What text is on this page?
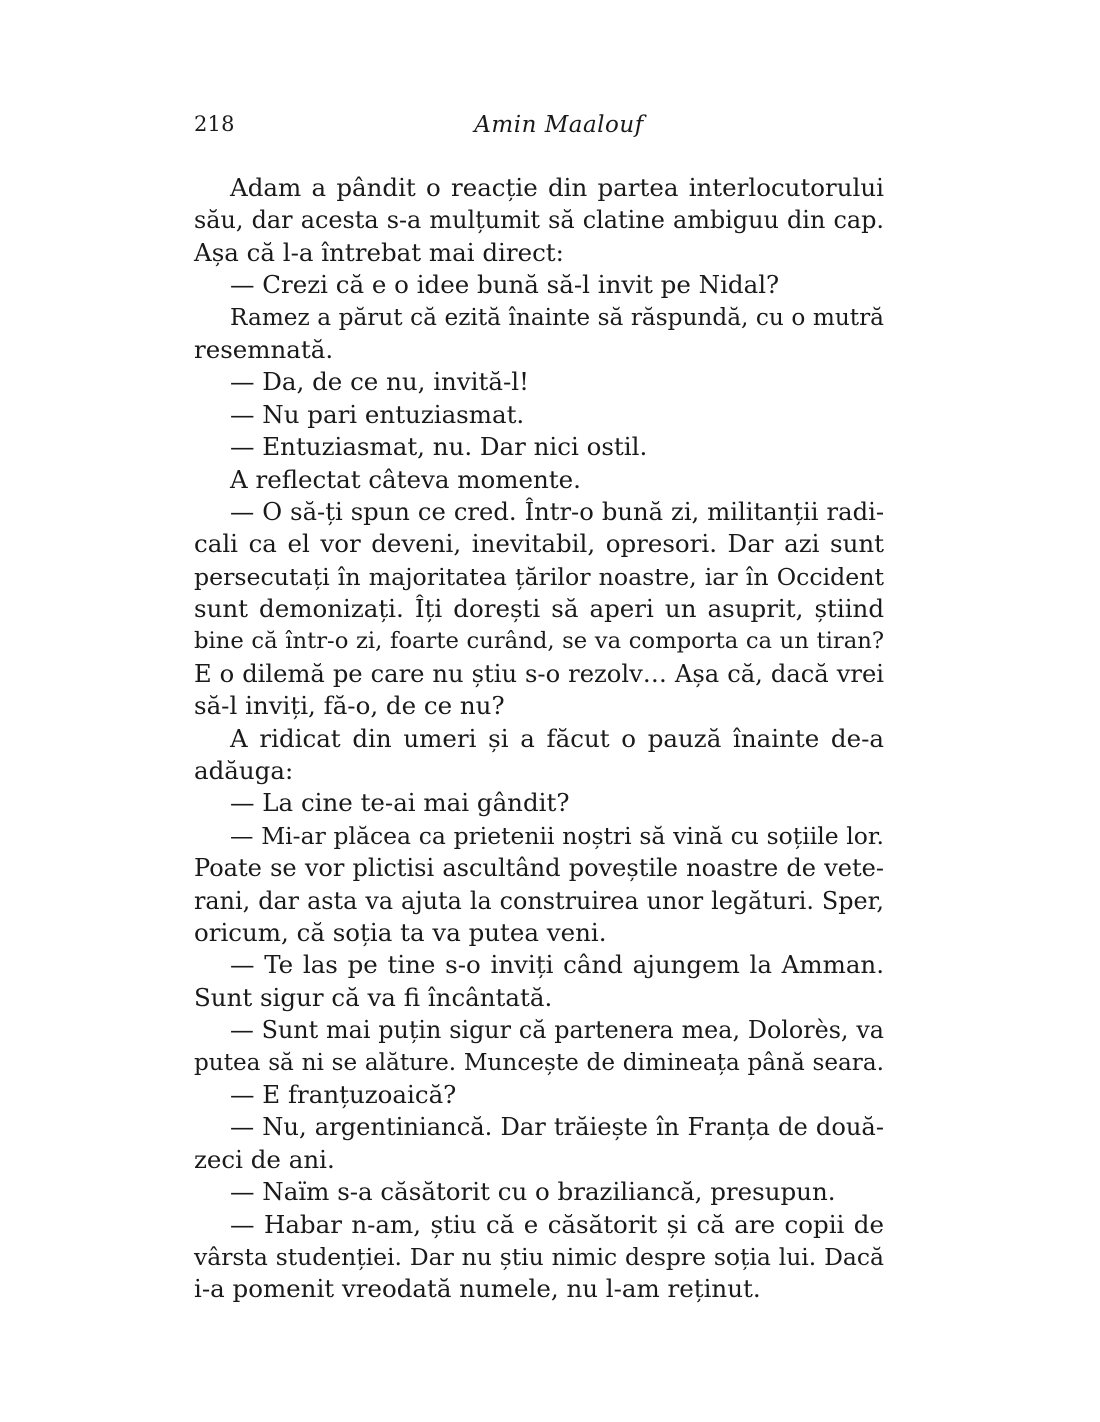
218	Amin Maalouf
Adam a pândit o reacție din partea interlocutorului
său, dar acesta s-a mulțumit să clatine ambiguu din cap.
Așa că l-a întrebat mai direct:
— Crezi că e o idee bună să-l invit pe Nidal?
Ramez a părut că ezită înainte să răspundă, cu o mutră
resemnată.
— Da, de ce nu, invită-l!
— Nu pari entuziasmat.
— Entuziasmat, nu. Dar nici ostil.
A reflectat câteva momente.
— O să-ți spun ce cred. Într-o bună zi, militanții radi-
cali ca el vor deveni, inevitabil, opresori. Dar azi sunt
persecutați în majoritatea țărilor noastre, iar în Occident
sunt demonizați. Îți dorești să aperi un asuprit, știind
bine că într-o zi, foarte curând, se va comporta ca un tiran?
E o dilemă pe care nu știu s-o rezolv… Așa că, dacă vrei
să-l inviți, fă-o, de ce nu?
A ridicat din umeri și a făcut o pauză înainte de-a
adăuga:
— La cine te-ai mai gândit?
— Mi-ar plăcea ca prietenii noștri să vină cu soțiile lor.
Poate se vor plictisi ascultând poveștile noastre de vete-
rani, dar asta va ajuta la construirea unor legături. Sper,
oricum, că soția ta va putea veni.
— Te las pe tine s-o inviți când ajungem la Amman.
Sunt sigur că va fi încântată.
— Sunt mai puțin sigur că partenera mea, Dolorès, va
putea să ni se alăture. Muncește de dimineața până seara.
— E franțuzoaică?
— Nu, argentiniancă. Dar trăiește în Franța de două-
zeci de ani.
— Naïm s-a căsătorit cu o braziliancă, presupun.
— Habar n-am, știu că e căsătorit și că are copii de
vârsta studenției. Dar nu știu nimic despre soția lui. Dacă
i-a pomenit vreodată numele, nu l-am reținut.
